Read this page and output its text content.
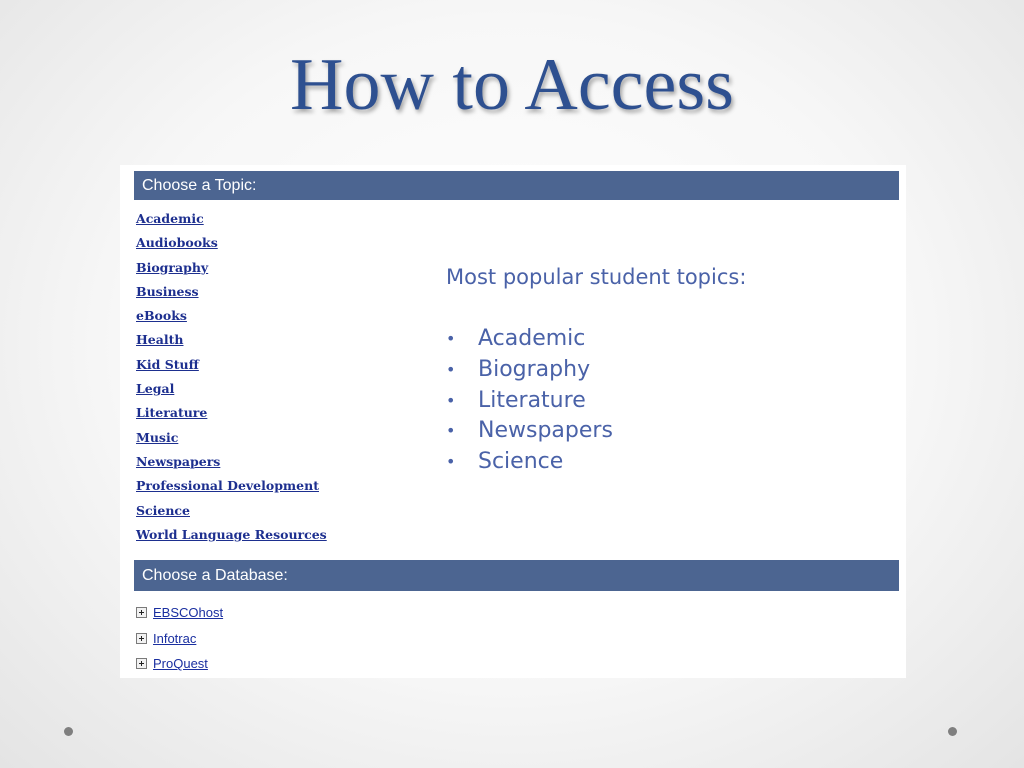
How to Access
Choose a Topic:
Academic
Audiobooks
Biography
Business
eBooks
Health
Kid Stuff
Legal
Literature
Music
Newspapers
Professional Development
Science
World Language Resources
Choose a Database:
EBSCOhost
Infotrac
ProQuest
Most popular student topics:
•	Academic
•	Biography
•	Literature
•	Newspapers
•	Science
